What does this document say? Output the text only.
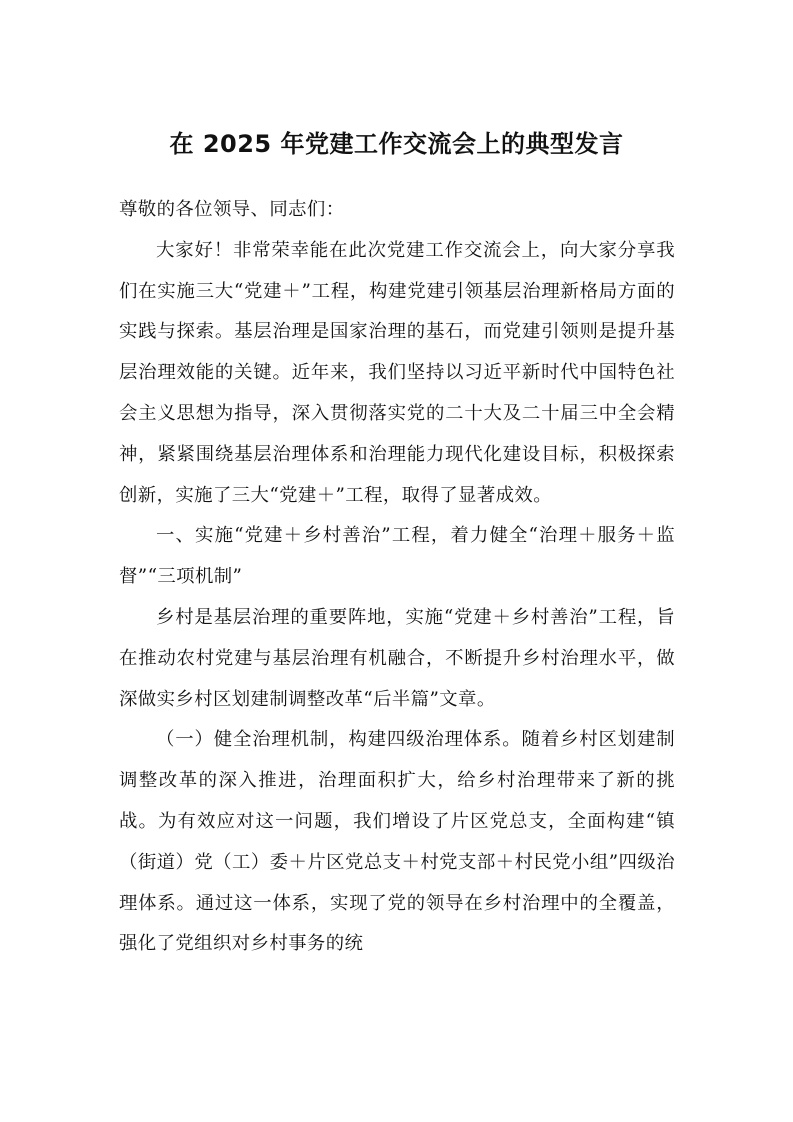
在 2025 年党建工作交流会上的典型发言

尊敬的各位领导、同志们：

大家好！非常荣幸能在此次党建工作交流会上，向大家分享我们在实施三大“党建＋”工程，构建党建引领基层治理新格局方面的实践与探索。基层治理是国家治理的基石，而党建引领则是提升基层治理效能的关键。近年来，我们坚持以习近平新时代中国特色社会主义思想为指导，深入贯彻落实党的二十大及二十届三中全会精神，紧紧围绕基层治理体系和治理能力现代化建设目标，积极探索创新，实施了三大“党建＋”工程，取得了显著成效。

一、实施“党建＋乡村善治”工程，着力健全“治理＋服务＋监督”“三项机制”

乡村是基层治理的重要阵地，实施“党建＋乡村善治”工程，旨在推动农村党建与基层治理有机融合，不断提升乡村治理水平，做深做实乡村区划建制调整改革“后半篇”文章。

（一）健全治理机制，构建四级治理体系。随着乡村区划建制调整改革的深入推进，治理面积扩大，给乡村治理带来了新的挑战。为有效应对这一问题，我们增设了片区党总支，全面构建“镇（街道）党（工）委＋片区党总支＋村党支部＋村民党小组”四级治理体系。通过这一体系，实现了党的领导在乡村治理中的全覆盖，强化了党组织对乡村事务的统
